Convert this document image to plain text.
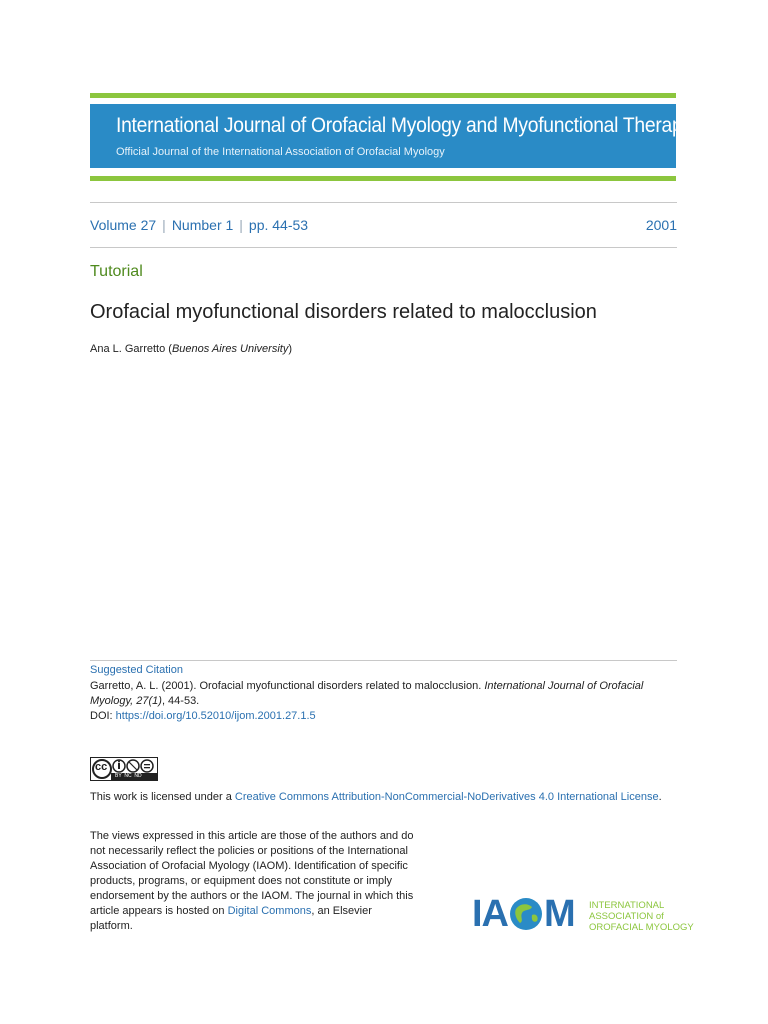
International Journal of Orofacial Myology and Myofunctional Therapy
Official Journal of the International Association of Orofacial Myology
Volume 27 | Number 1 | pp. 44-53	2001
Tutorial
Orofacial myofunctional disorders related to malocclusion
Ana L. Garretto (Buenos Aires University)
Suggested Citation
Garretto, A. L. (2001). Orofacial myofunctional disorders related to malocclusion. International Journal of Orofacial
Myology, 27(1), 44-53.
DOI: https://doi.org/10.52010/ijom.2001.27.1.5
cc
BY  NC  ND
This work is licensed under a Creative Commons Attribution-NonCommercial-NoDerivatives 4.0 International License.
The views expressed in this article are those of the authors and do
not necessarily reflect the policies or positions of the International
Association of Orofacial Myology (IAOM). Identification of specific
products, programs, or equipment does not constitute or imply
endorsement by the authors or the IAOM. The journal in which this
article appears is hosted on Digital Commons, an Elsevier
platform.	IA M INTERNATIONAL
ASSOCIATION of
OROFACIAL MYOLOGY
